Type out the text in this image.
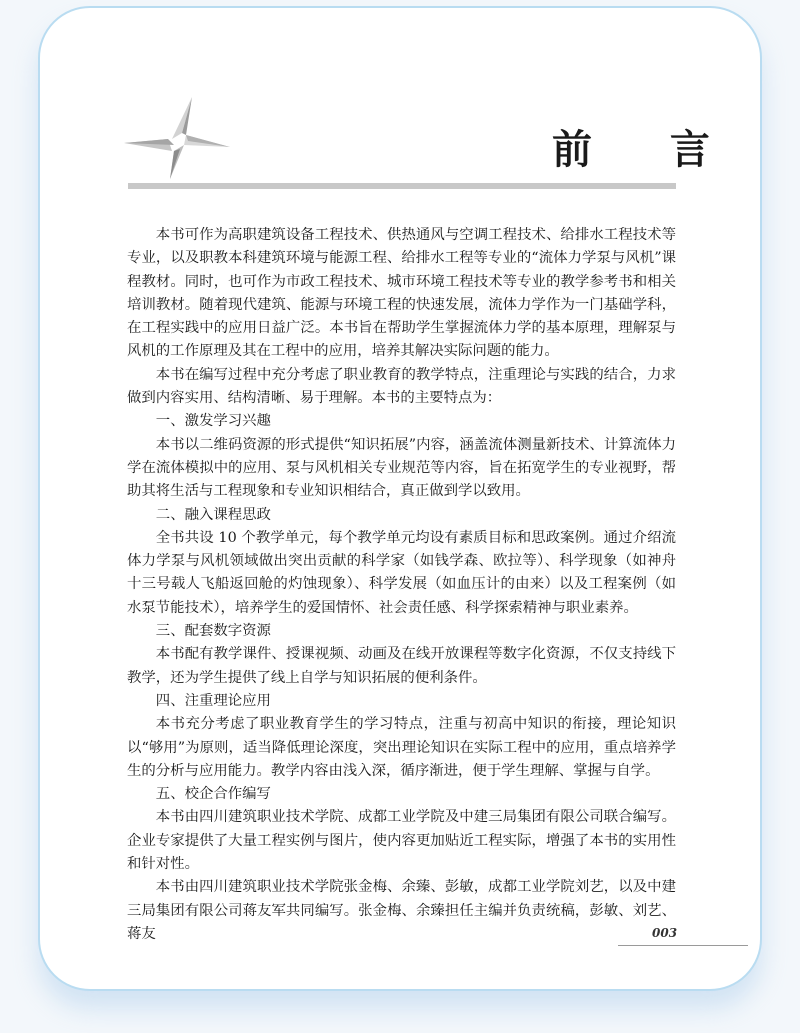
前 言

本书可作为高职建筑设备工程技术、供热通风与空调工程技术、给排水工程技术等专业，以及职教本科建筑环境与能源工程、给排水工程等专业的“流体力学泵与风机”课程教材。同时，也可作为市政工程技术、城市环境工程技术等专业的教学参考书和相关培训教材。随着现代建筑、能源与环境工程的快速发展，流体力学作为一门基础学科，在工程实践中的应用日益广泛。本书旨在帮助学生掌握流体力学的基本原理，理解泵与风机的工作原理及其在工程中的应用，培养其解决实际问题的能力。

本书在编写过程中充分考虑了职业教育的教学特点，注重理论与实践的结合，力求做到内容实用、结构清晰、易于理解。本书的主要特点为：

一、激发学习兴趣

本书以二维码资源的形式提供“知识拓展”内容，涵盖流体测量新技术、计算流体力学在流体模拟中的应用、泵与风机相关专业规范等内容，旨在拓宽学生的专业视野，帮助其将生活与工程现象和专业知识相结合，真正做到学以致用。

二、融入课程思政

全书共设 10 个教学单元，每个教学单元均设有素质目标和思政案例。通过介绍流体力学泵与风机领域做出突出贡献的科学家（如钱学森、欧拉等）、科学现象（如神舟十三号载人飞船返回舱的灼蚀现象）、科学发展（如血压计的由来）以及工程案例（如水泵节能技术），培养学生的爱国情怀、社会责任感、科学探索精神与职业素养。

三、配套数字资源

本书配有教学课件、授课视频、动画及在线开放课程等数字化资源，不仅支持线下教学，还为学生提供了线上自学与知识拓展的便利条件。

四、注重理论应用

本书充分考虑了职业教育学生的学习特点，注重与初高中知识的衔接，理论知识以“够用”为原则，适当降低理论深度，突出理论知识在实际工程中的应用，重点培养学生的分析与应用能力。教学内容由浅入深，循序渐进，便于学生理解、掌握与自学。

五、校企合作编写

本书由四川建筑职业技术学院、成都工业学院及中建三局集团有限公司联合编写。企业专家提供了大量工程实例与图片，使内容更加贴近工程实际，增强了本书的实用性和针对性。

本书由四川建筑职业技术学院张金梅、余臻、彭敏，成都工业学院刘艺，以及中建三局集团有限公司蒋友军共同编写。张金梅、余臻担任主编并负责统稿，彭敏、刘艺、蒋友	003
